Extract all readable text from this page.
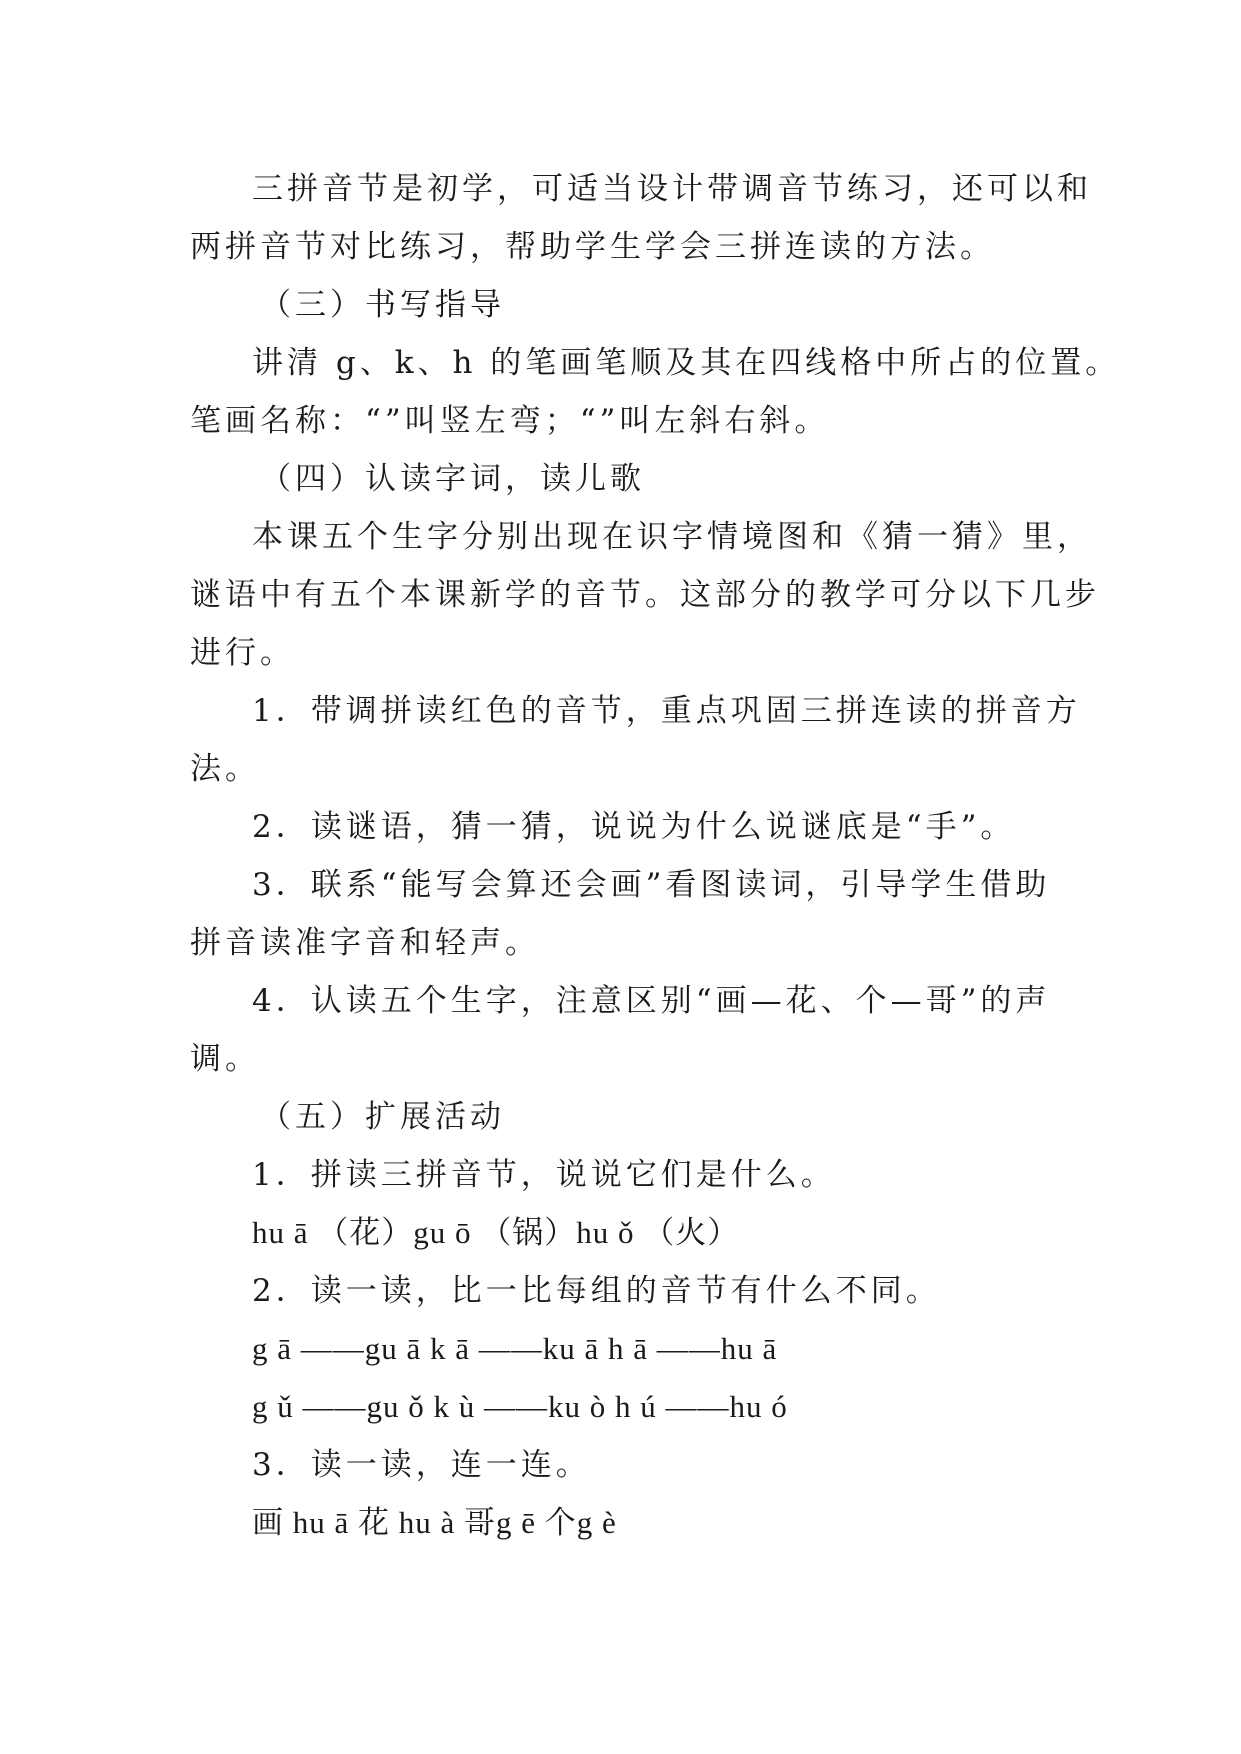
三拼音节是初学，可适当设计带调音节练习，还可以和
两拼音节对比练习，帮助学生学会三拼连读的方法。
（三）书写指导
讲清 g、k、h 的笔画笔顺及其在四线格中所占的位置。
笔画名称：“”叫竖左弯；“”叫左斜右斜。
（四）认读字词，读儿歌
本课五个生字分别出现在识字情境图和《猜一猜》里，
谜语中有五个本课新学的音节。这部分的教学可分以下几步
进行。
1．带调拼读红色的音节，重点巩固三拼连读的拼音方
法。
2．读谜语，猜一猜，说说为什么说谜底是“手”。
3．联系“能写会算还会画”看图读词，引导学生借助
拼音读准字音和轻声。
4．认读五个生字，注意区别“画—花、个—哥”的声
调。
（五）扩展活动
1．拼读三拼音节，说说它们是什么。
hu ā （花）gu ō （锅）hu ǒ （火）
2．读一读，比一比每组的音节有什么不同。
g ā ——gu ā k ā ——ku ā h ā ——hu ā
g ǔ ——gu ǒ k ù ——ku ò h ú ——hu ó
3．读一读，连一连。
画 hu ā 花 hu à 哥g ē 个g è
